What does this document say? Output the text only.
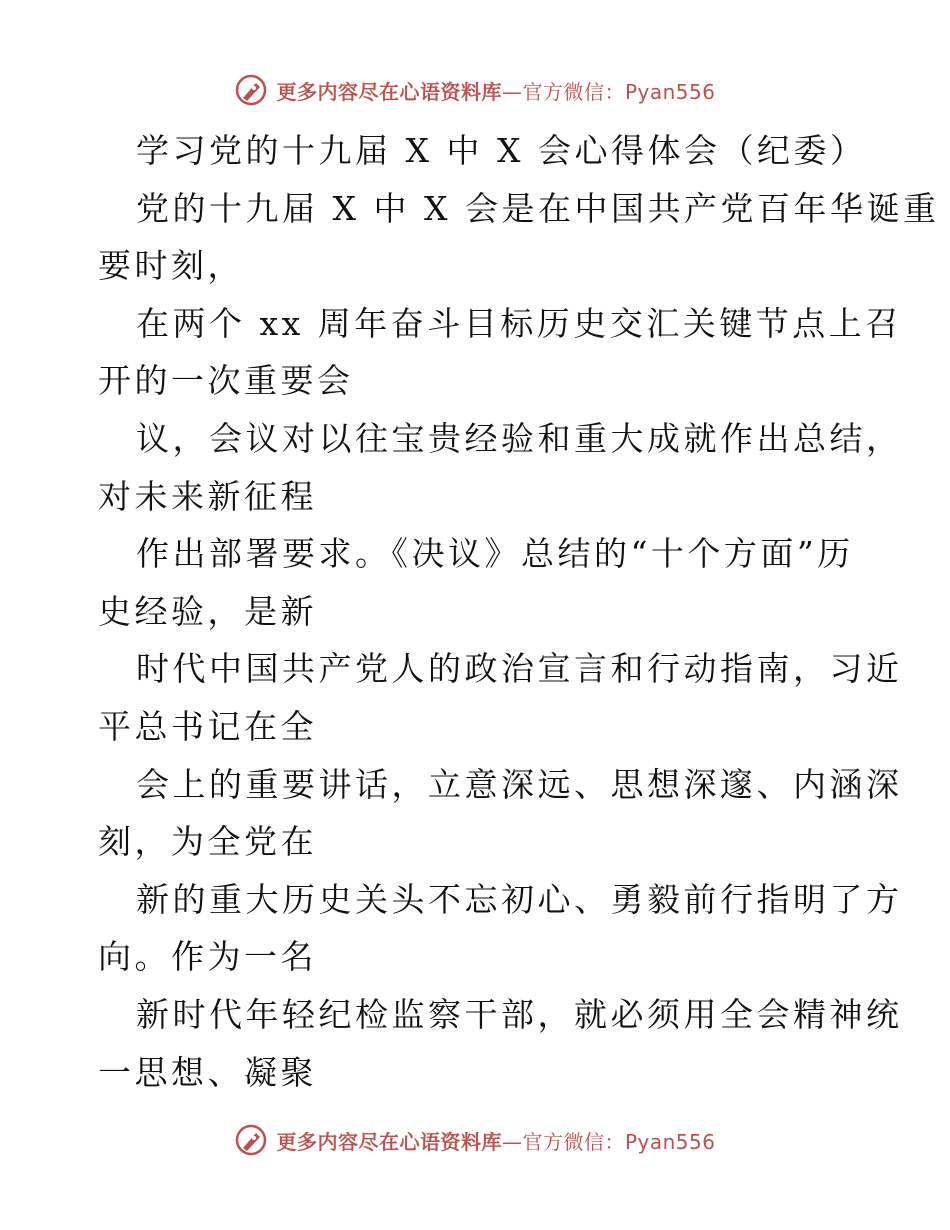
更多内容尽在心语资料库—官方微信：Pyan556
学习党的十九届 X 中 X 会心得体会（纪委）
党的十九届 X 中 X 会是在中国共产党百年华诞重
要时刻，
在两个 xx 周年奋斗目标历史交汇关键节点上召
开的一次重要会
议，会议对以往宝贵经验和重大成就作出总结，
对未来新征程
作出部署要求。《决议》总结的“十个方面”历
史经验，是新
时代中国共产党人的政治宣言和行动指南，习近
平总书记在全
会上的重要讲话，立意深远、思想深邃、内涵深
刻，为全党在
新的重大历史关头不忘初心、勇毅前行指明了方
向。作为一名
新时代年轻纪检监察干部，就必须用全会精神统
一思想、凝聚
更多内容尽在心语资料库—官方微信：Pyan556
